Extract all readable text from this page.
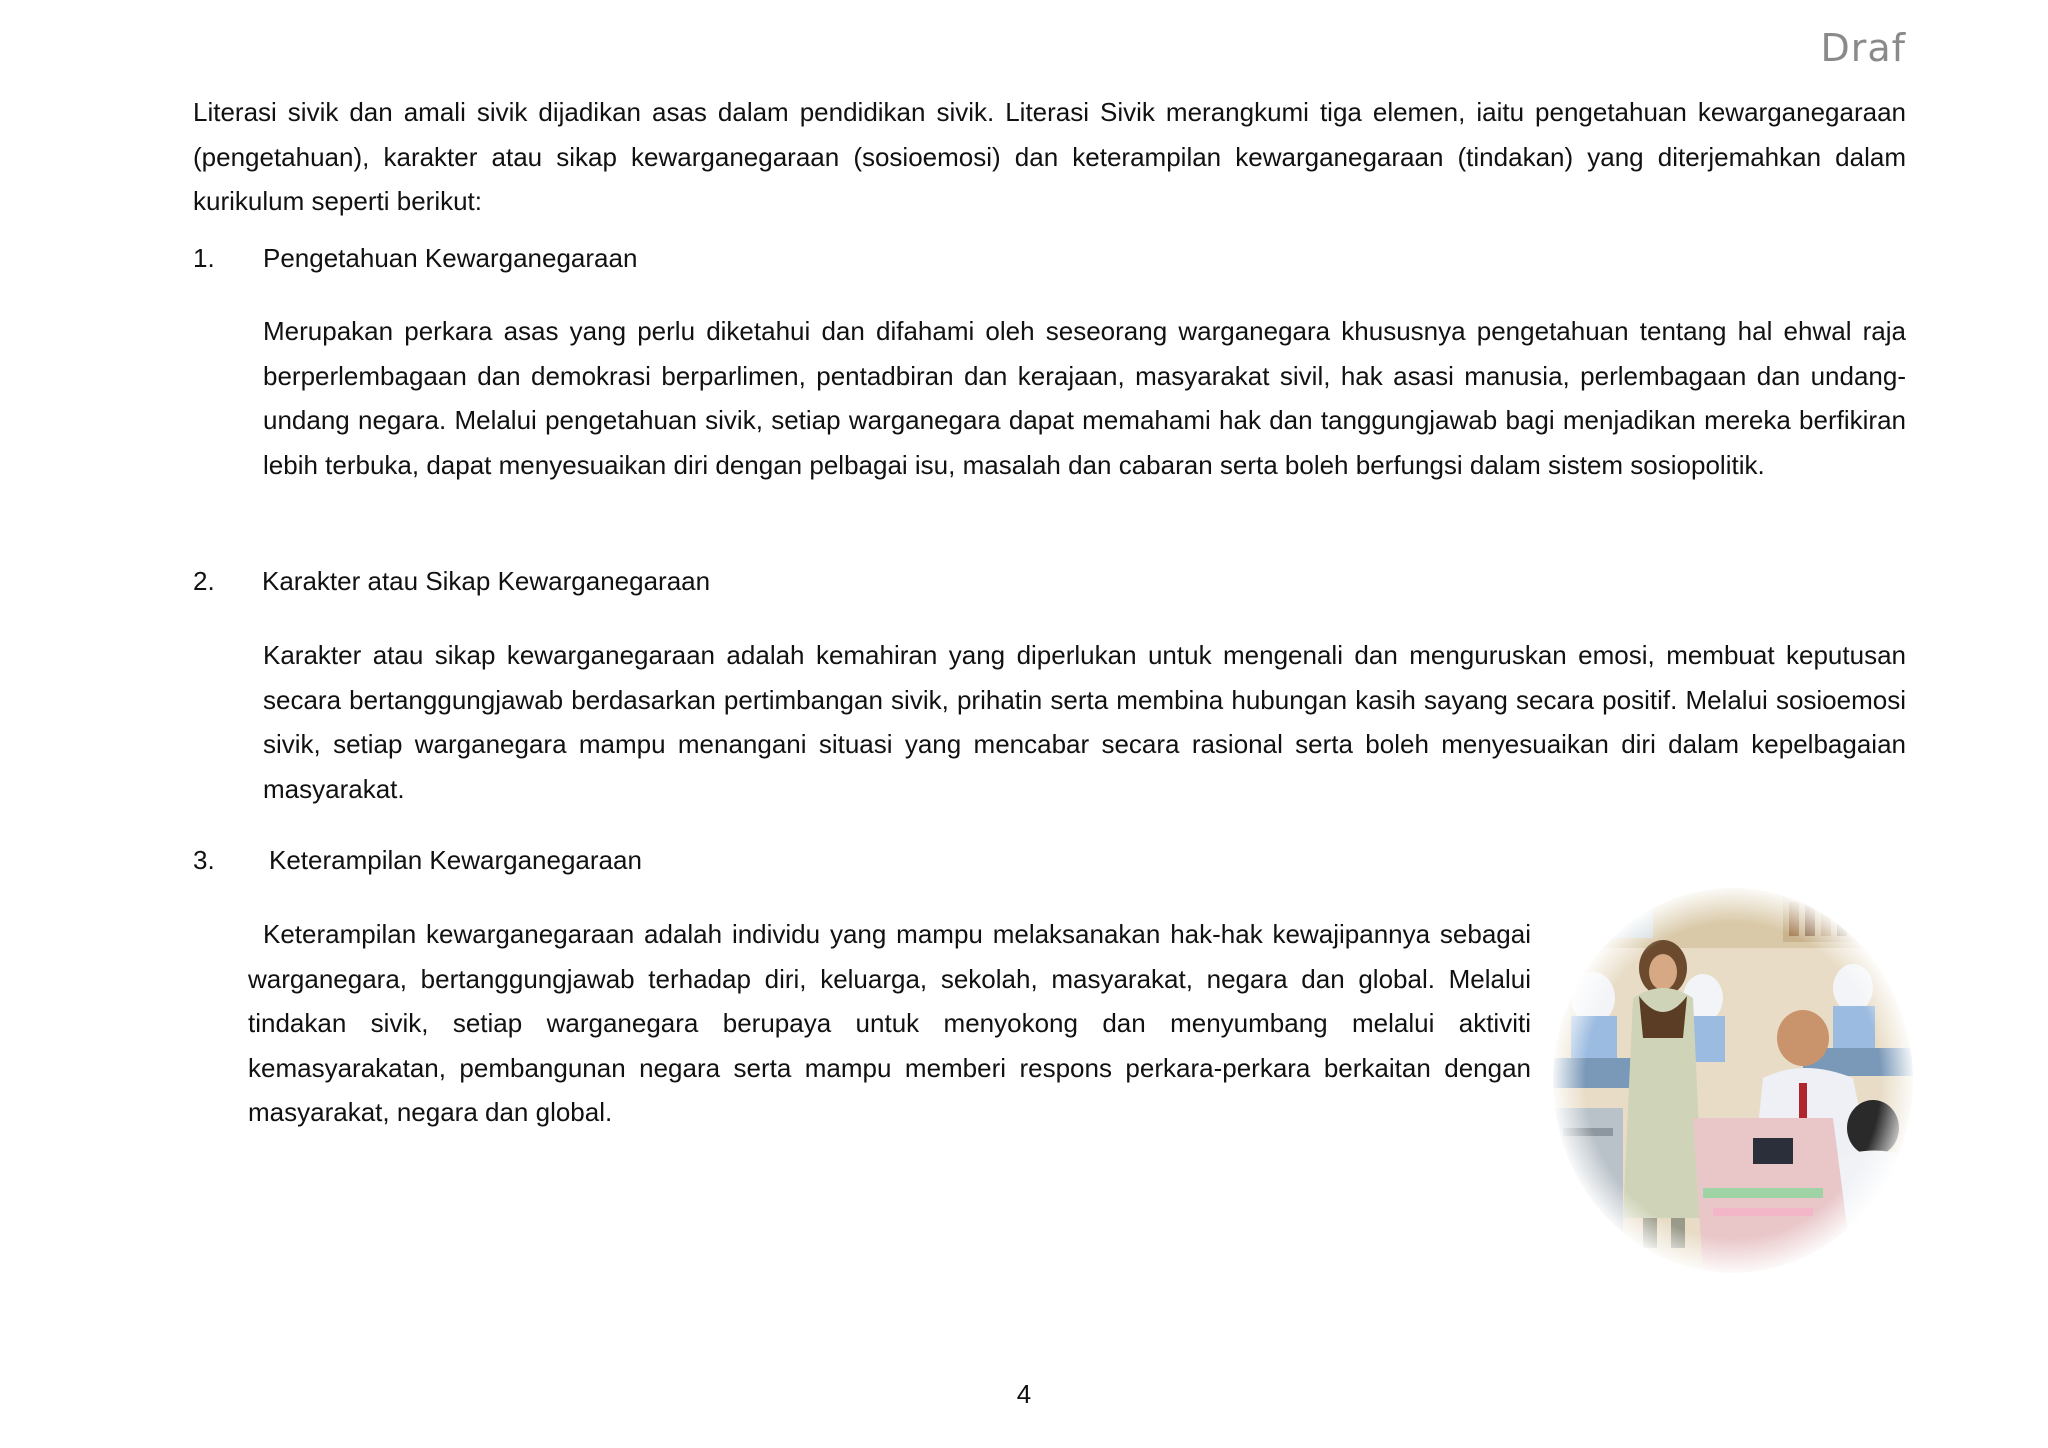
Draf

Literasi sivik dan amali sivik dijadikan asas dalam pendidikan sivik. Literasi Sivik merangkumi tiga elemen, iaitu pengetahuan kewarganegaraan (pengetahuan), karakter atau sikap kewarganegaraan (sosioemosi) dan keterampilan kewarganegaraan (tindakan) yang diterjemahkan dalam kurikulum seperti berikut:

1. Pengetahuan Kewarganegaraan

Merupakan perkara asas yang perlu diketahui dan difahami oleh seseorang warganegara khususnya pengetahuan tentang hal ehwal raja berperlembagaan dan demokrasi berparlimen, pentadbiran dan kerajaan, masyarakat sivil, hak asasi manusia, perlembagaan dan undang-undang negara. Melalui pengetahuan sivik, setiap warganegara dapat memahami hak dan tanggungjawab bagi menjadikan mereka berfikiran lebih terbuka, dapat menyesuaikan diri dengan pelbagai isu, masalah dan cabaran serta boleh berfungsi dalam sistem sosiopolitik.

2. Karakter atau Sikap Kewarganegaraan

Karakter atau sikap kewarganegaraan adalah kemahiran yang diperlukan untuk mengenali dan menguruskan emosi, membuat keputusan secara bertanggungjawab berdasarkan pertimbangan sivik, prihatin serta membina hubungan kasih sayang secara positif. Melalui sosioemosi sivik, setiap warganegara mampu menangani situasi yang mencabar secara rasional serta boleh menyesuaikan diri dalam kepelbagaian masyarakat.

3. Keterampilan Kewarganegaraan

Keterampilan kewarganegaraan adalah individu yang mampu melaksanakan hak-hak kewajipannya sebagai warganegara, bertanggungjawab terhadap diri, keluarga, sekolah, masyarakat, negara dan global. Melalui tindakan sivik, setiap warganegara berupaya untuk menyokong dan menyumbang melalui aktiviti kemasyarakatan, pembangunan negara serta mampu memberi respons perkara-perkara berkaitan dengan masyarakat, negara dan global.

4
